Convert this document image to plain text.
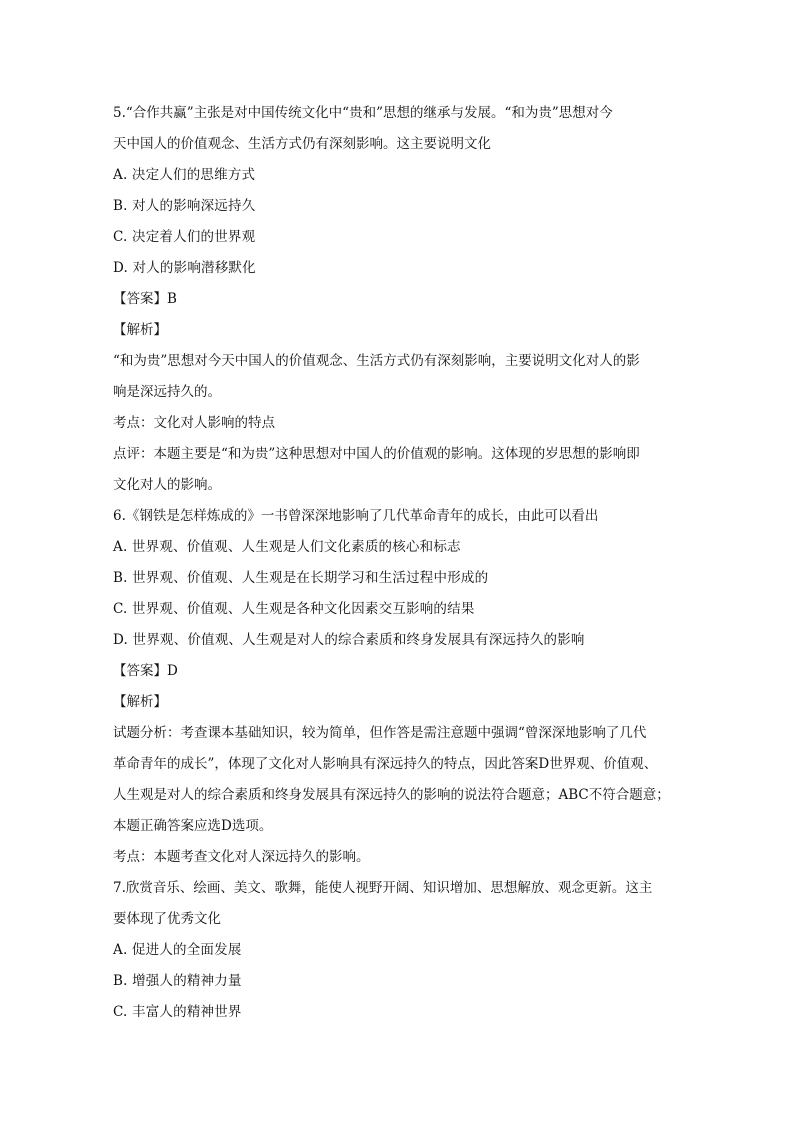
5.“合作共赢”主张是对中国传统文化中“贵和”思想的继承与发展。“和为贵”思想对今

天中国人的价值观念、生活方式仍有深刻影响。这主要说明文化

A. 决定人们的思维方式

B. 对人的影响深远持久

C. 决定着人们的世界观

D. 对人的影响潜移默化

【答案】B

【解析】

“和为贵”思想对今天中国人的价值观念、生活方式仍有深刻影响，主要说明文化对人的影

响是深远持久的。

考点：文化对人影响的特点

点评：本题主要是“和为贵”这种思想对中国人的价值观的影响。这体现的岁思想的影响即

文化对人的影响。

6.《钢铁是怎样炼成的》一书曾深深地影响了几代革命青年的成长，由此可以看出

A. 世界观、价值观、人生观是人们文化素质的核心和标志

B. 世界观、价值观、人生观是在长期学习和生活过程中形成的

C. 世界观、价值观、人生观是各种文化因素交互影响的结果

D. 世界观、价值观、人生观是对人的综合素质和终身发展具有深远持久的影响

【答案】D

【解析】

试题分析：考查课本基础知识，较为简单，但作答是需注意题中强调“曾深深地影响了几代

革命青年的成长”，体现了文化对人影响具有深远持久的特点，因此答案D世界观、价值观、

人生观是对人的综合素质和终身发展具有深远持久的影响的说法符合题意；ABC不符合题意；

本题正确答案应选D选项。

考点：本题考查文化对人深远持久的影响。

7.欣赏音乐、绘画、美文、歌舞，能使人视野开阔、知识增加、思想解放、观念更新。这主

要体现了优秀文化

A. 促进人的全面发展

B. 增强人的精神力量

C. 丰富人的精神世界
